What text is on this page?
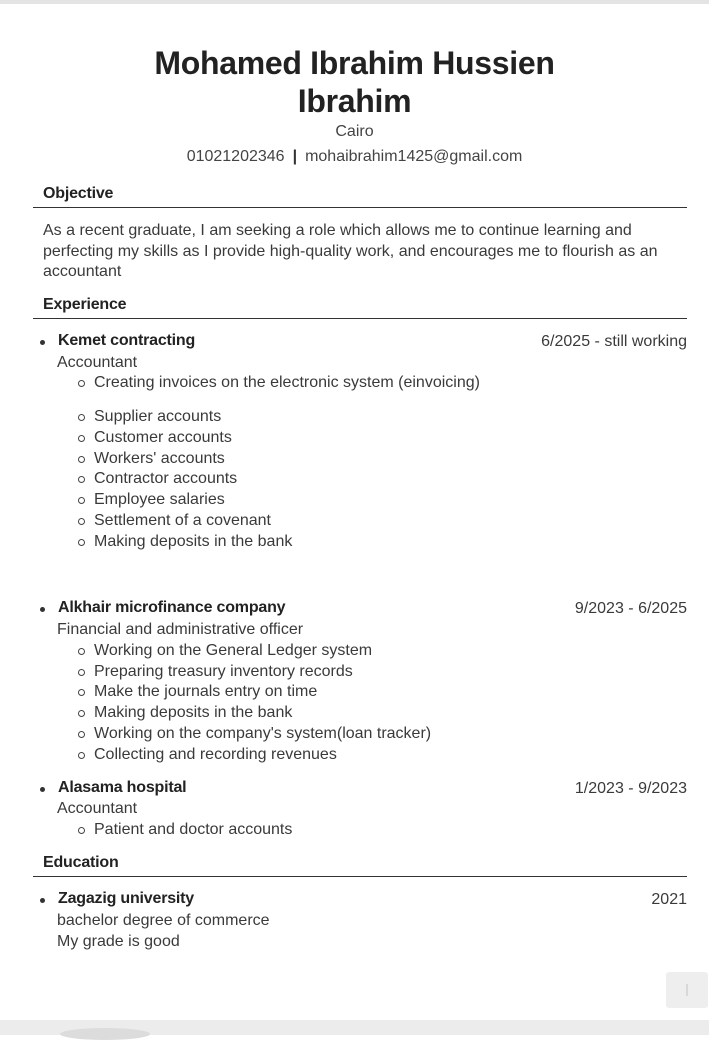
Mohamed Ibrahim Hussien
Ibrahim
Cairo
01021202346 | mohaibrahim1425@gmail.com
Objective
As a recent graduate, I am seeking a role which allows me to continue learning and perfecting my skills as I provide high-quality work, and encourages me to flourish as an accountant
Experience
Kemet contracting	6/2025 - still working
Accountant
Creating invoices on the electronic system (einvoicing)
Supplier accounts
Customer accounts
Workers' accounts
Contractor accounts
Employee salaries
Settlement of a covenant
Making deposits in the bank
Alkhair microfinance company	9/2023 - 6/2025
Financial and administrative officer
Working on the General Ledger system
Preparing treasury inventory records
Make the journals entry on time
Making deposits in the bank
Working on the company's system(loan tracker)
Collecting and recording revenues
Alasama hospital	1/2023 - 9/2023
Accountant
Patient and doctor accounts
Education
Zagazig university	2021
bachelor degree of commerce
My grade is good
